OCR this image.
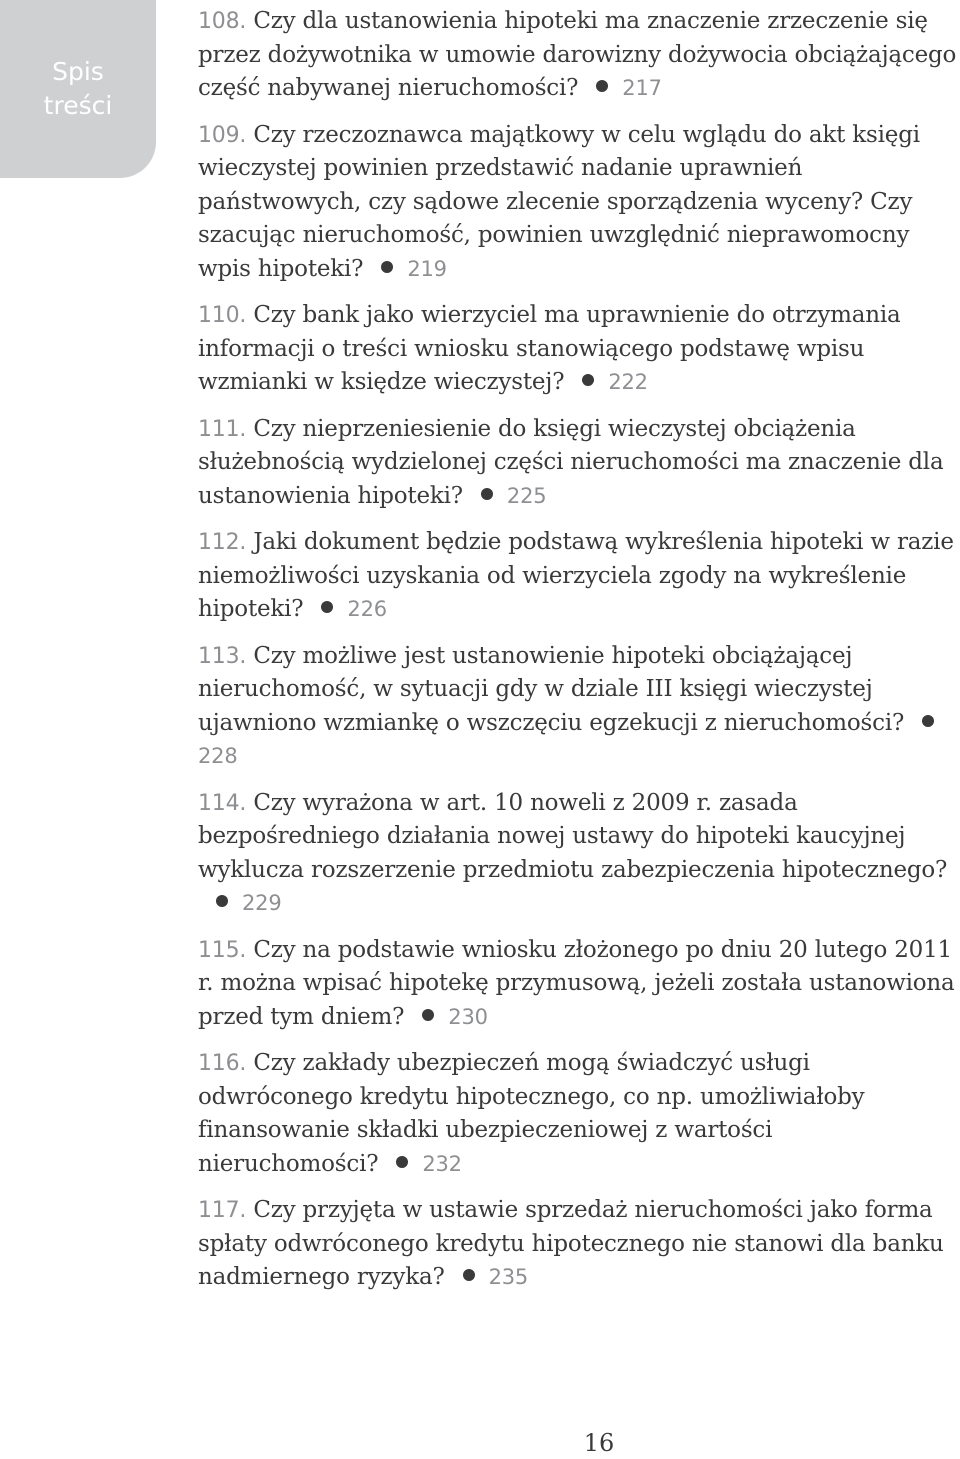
Spis
treści
108. Czy dla ustanowienia hipoteki ma znaczenie zrzeczenie się przez dożywotnika w umowie darowizny dożywocia obciążającego część nabywanej nieruchomości? 217
109. Czy rzeczoznawca majątkowy w celu wglądu do akt księgi wieczystej powinien przedstawić nadanie uprawnień państwowych, czy sądowe zlecenie sporządzenia wyceny? Czy szacując nieruchomość, powinien uwzględnić nieprawomocny wpis hipoteki? 219
110. Czy bank jako wierzyciel ma uprawnienie do otrzymania informacji o treści wniosku stanowiącego podstawę wpisu wzmianki w księdze wieczystej? 222
111. Czy nieprzeniesienie do księgi wieczystej obciążenia służebnością wydzielonej części nieruchomości ma znaczenie dla ustanowienia hipoteki? 225
112. Jaki dokument będzie podstawą wykreślenia hipoteki w razie niemożliwości uzyskania od wierzyciela zgody na wykreślenie hipoteki? 226
113. Czy możliwe jest ustanowienie hipoteki obciążającej nieruchomość, w sytuacji gdy w dziale III księgi wieczystej ujawniono wzmiankę o wszczęciu egzekucji z nieruchomości?228
114. Czy wyrażona w art. 10 noweli z 2009 r. zasada bezpośredniego działania nowej ustawy do hipoteki kaucyjnej wyklucza rozszerzenie przedmiotu zabezpieczenia hipotecznego?229
115. Czy na podstawie wniosku złożonego po dniu 20 lutego 2011 r. można wpisać hipotekę przymusową, jeżeli została ustanowiona przed tym dniem? 230
116. Czy zakłady ubezpieczeń mogą świadczyć usługi odwróconego kredytu hipotecznego, co np. umożliwiałoby finansowanie składki ubezpieczeniowej z wartości nieruchomości? 232
117. Czy przyjęta w ustawie sprzedaż nieruchomości jako forma spłaty odwróconego kredytu hipotecznego nie stanowi dla banku nadmiernego ryzyka? 235
16
